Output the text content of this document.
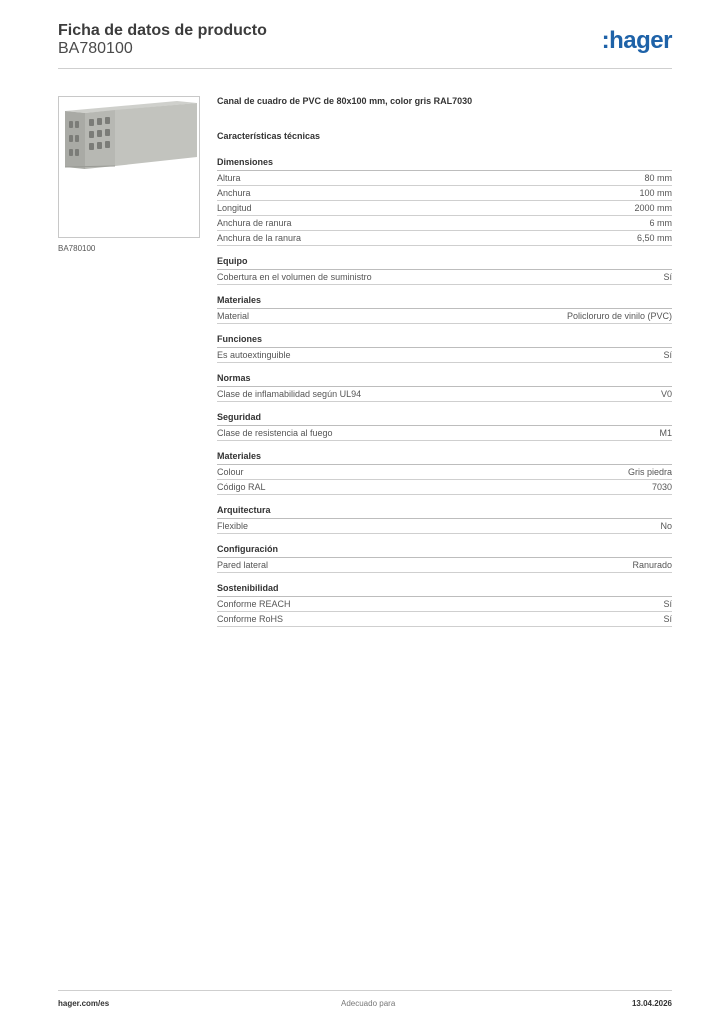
Ficha de datos de producto
BA780100	:hager
BA780100
Canal de cuadro de PVC de 80x100 mm, color gris RAL7030
Características técnicas
Dimensiones
Altura	80 mm
Anchura	100 mm
Longitud	2000 mm
Anchura de ranura	6 mm
Anchura de la ranura	6,50 mm
Equipo
Cobertura en el volumen de suministro	Sí
Materiales
Material	Policloruro de vinilo (PVC)
Funciones
Es autoextinguible	Sí
Normas
Clase de inflamabilidad según UL94	V0
Seguridad
Clase de resistencia al fuego	M1
Materiales
Colour	Gris piedra
Código RAL	7030
Arquitectura
Flexible	No
Configuración
Pared lateral	Ranurado
Sostenibilidad
Conforme REACH	Sí
Conforme RoHS	Sí
hager.com/es	Adecuado para	13.04.2026
